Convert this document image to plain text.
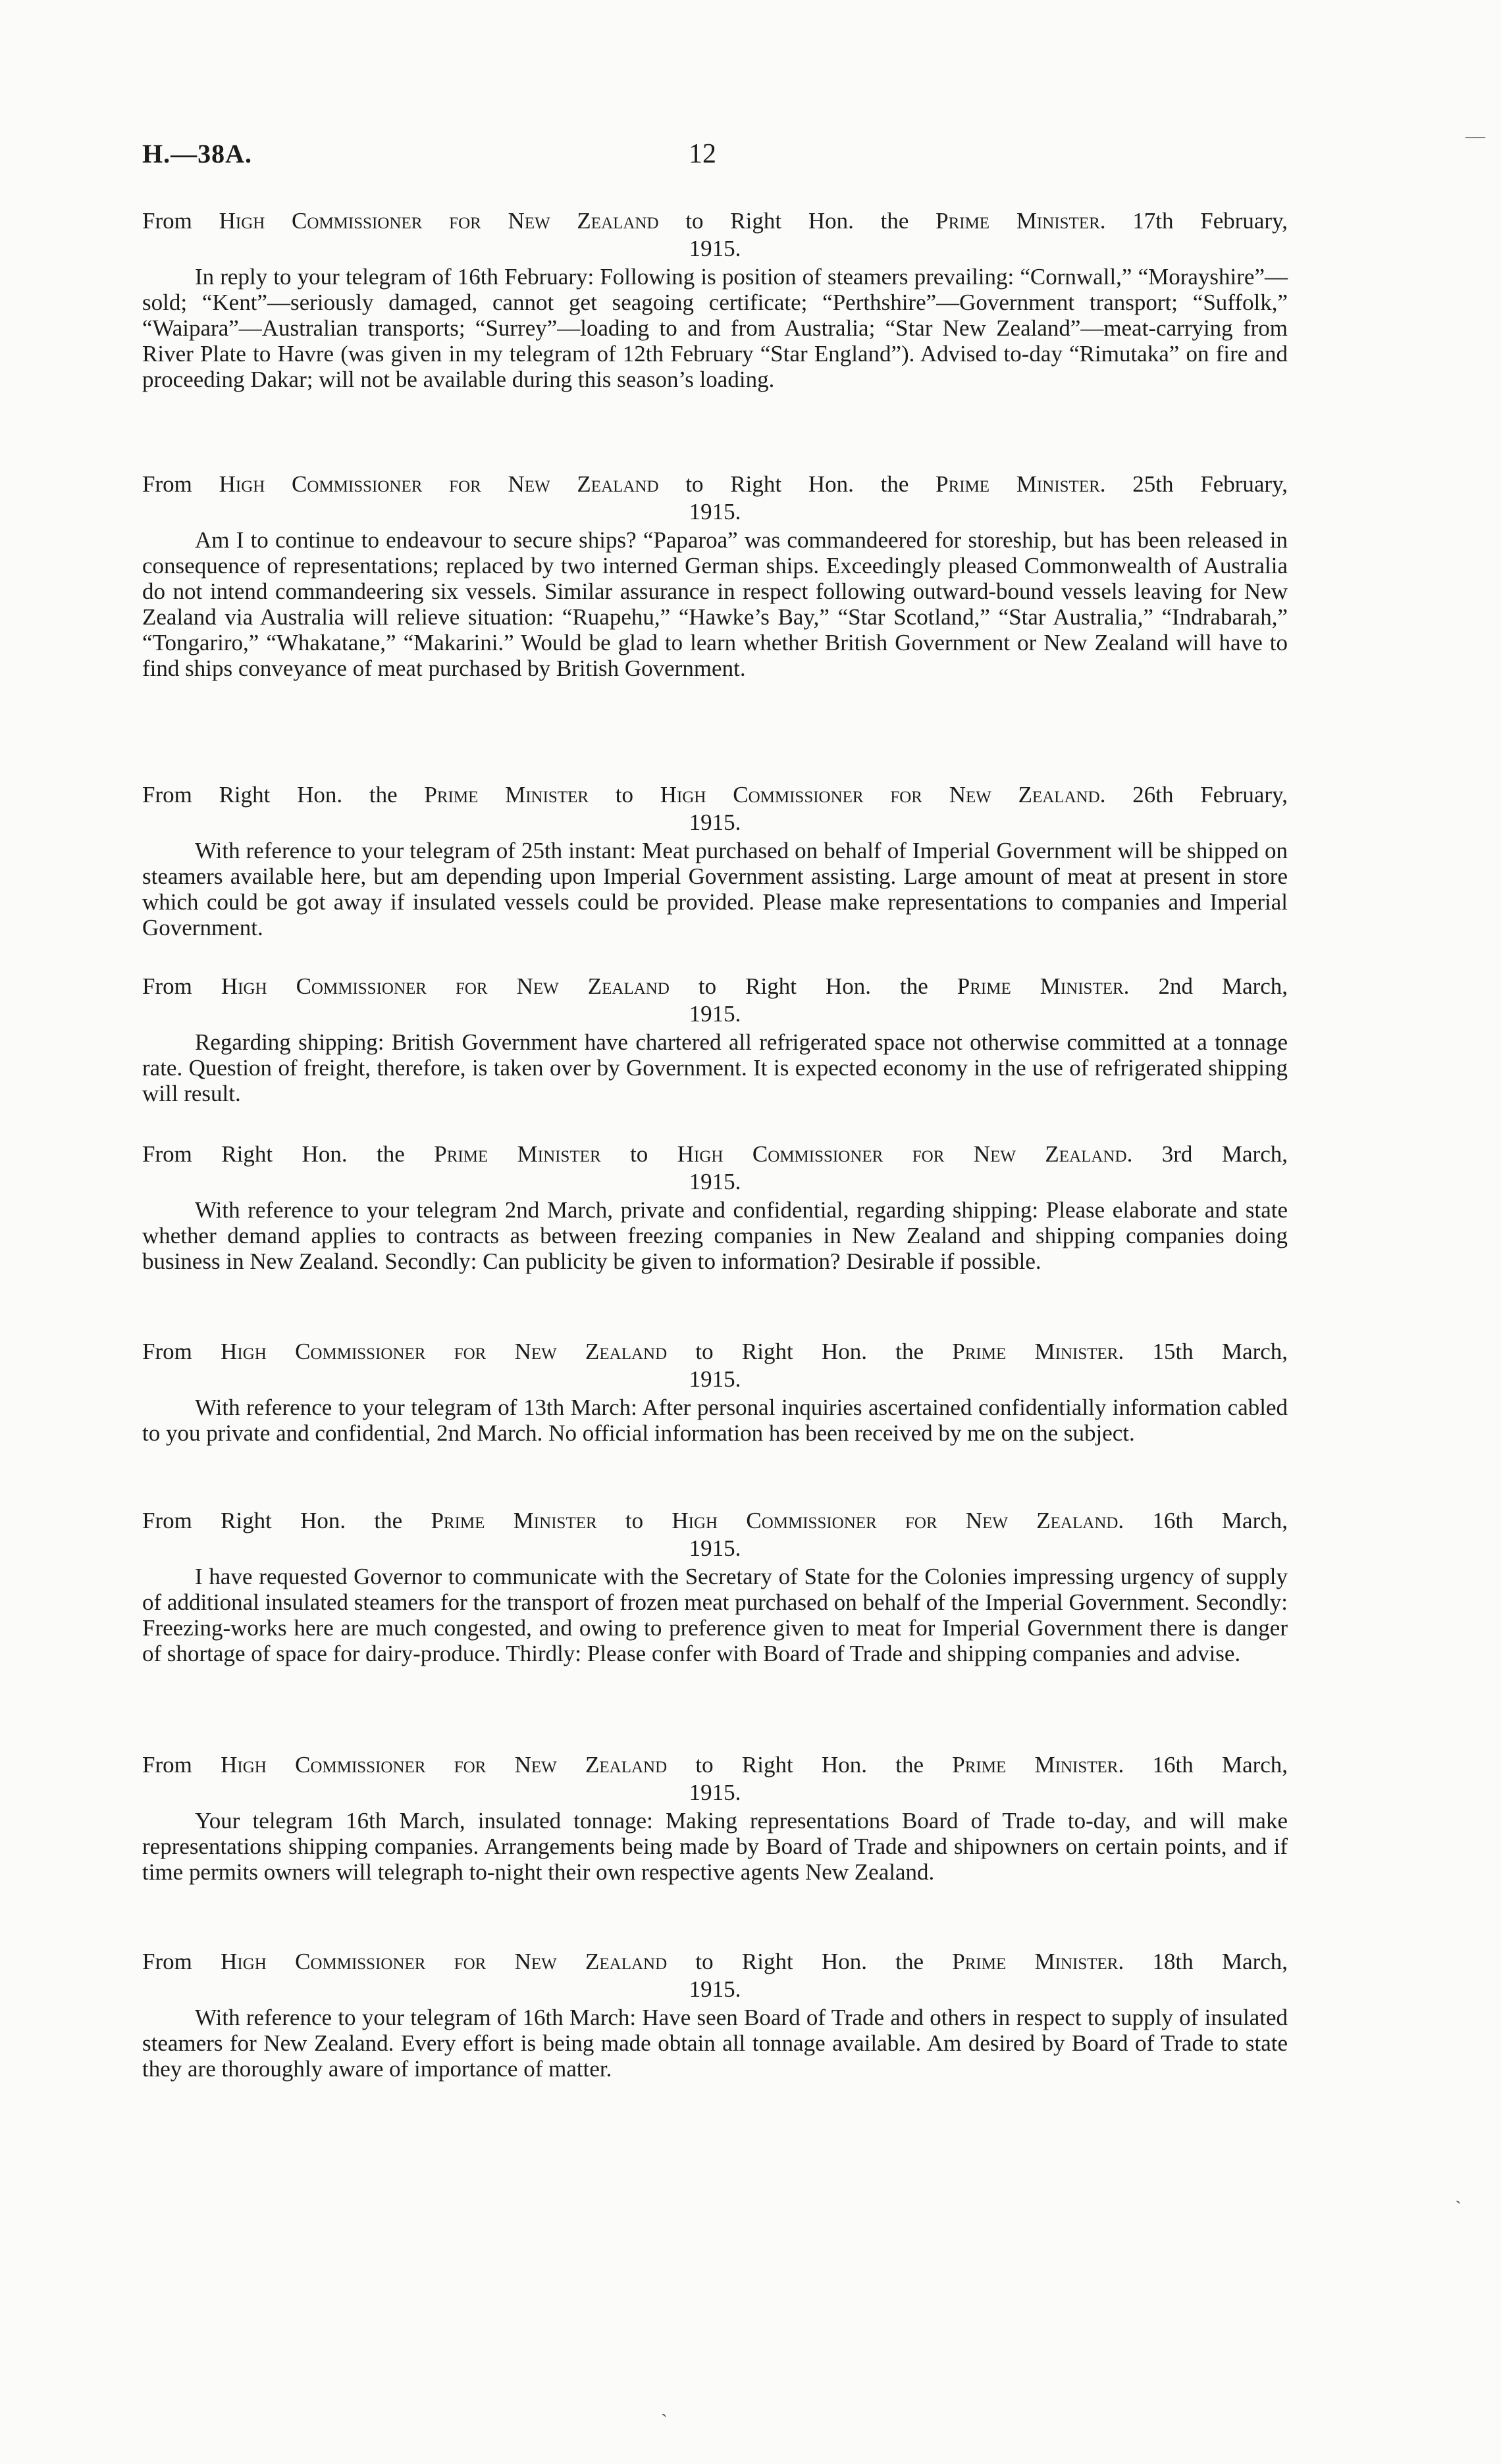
H.—38A.	12
From High Commissioner for New Zealand to Right Hon. the Prime Minister. 17th February,
1915.
In reply to your telegram of 16th February: Following is position of steamers prevailing: “Cornwall,” “Morayshire”—sold; “Kent”—seriously damaged, cannot get seagoing certificate; “Perthshire”—Government transport; “Suffolk,” “Waipara”—Australian transports; “Surrey”—loading to and from Australia; “Star New Zealand”—meat-carrying from River Plate to Havre (was given in my telegram of 12th February “Star England”). Advised to-day “Rimutaka” on fire and proceeding Dakar; will not be available during this season’s loading.
From High Commissioner for New Zealand to Right Hon. the Prime Minister. 25th February,
1915.
Am I to continue to endeavour to secure ships? “Paparoa” was commandeered for storeship, but has been released in consequence of representations; replaced by two interned German ships. Exceedingly pleased Commonwealth of Australia do not intend commandeering six vessels. Similar assurance in respect following outward-bound vessels leaving for New Zealand via Australia will relieve situation: “Ruapehu,” “Hawke’s Bay,” “Star Scotland,” “Star Australia,” “Indrabarah,” “Tongariro,” “Whakatane,” “Makarini.” Would be glad to learn whether British Government or New Zealand will have to find ships conveyance of meat purchased by British Government.
From Right Hon. the Prime Minister to High Commissioner for New Zealand. 26th February,
1915.
With reference to your telegram of 25th instant: Meat purchased on behalf of Imperial Government will be shipped on steamers available here, but am depending upon Imperial Government assisting. Large amount of meat at present in store which could be got away if insulated vessels could be provided. Please make representations to companies and Imperial Government.
From High Commissioner for New Zealand to Right Hon. the Prime Minister. 2nd March,
1915.
Regarding shipping: British Government have chartered all refrigerated space not otherwise committed at a tonnage rate. Question of freight, therefore, is taken over by Government. It is expected economy in the use of refrigerated shipping will result.
From Right Hon. the Prime Minister to High Commissioner for New Zealand. 3rd March,
1915.
With reference to your telegram 2nd March, private and confidential, regarding shipping: Please elaborate and state whether demand applies to contracts as between freezing companies in New Zealand and shipping companies doing business in New Zealand. Secondly: Can publicity be given to information? Desirable if possible.
From High Commissioner for New Zealand to Right Hon. the Prime Minister. 15th March,
1915.
With reference to your telegram of 13th March: After personal inquiries ascertained confidentially information cabled to you private and confidential, 2nd March. No official information has been received by me on the subject.
From Right Hon. the Prime Minister to High Commissioner for New Zealand. 16th March,
1915.
I have requested Governor to communicate with the Secretary of State for the Colonies impressing urgency of supply of additional insulated steamers for the transport of frozen meat purchased on behalf of the Imperial Government. Secondly: Freezing-works here are much congested, and owing to preference given to meat for Imperial Government there is danger of shortage of space for dairy-produce. Thirdly: Please confer with Board of Trade and shipping companies and advise.
From High Commissioner for New Zealand to Right Hon. the Prime Minister. 16th March,
1915.
Your telegram 16th March, insulated tonnage: Making representations Board of Trade to-day, and will make representations shipping companies. Arrangements being made by Board of Trade and shipowners on certain points, and if time permits owners will telegraph to-night their own respective agents New Zealand.
From High Commissioner for New Zealand to Right Hon. the Prime Minister. 18th March,
1915.
With reference to your telegram of 16th March: Have seen Board of Trade and others in respect to supply of insulated steamers for New Zealand. Every effort is being made obtain all tonnage available. Am desired by Board of Trade to state they are thoroughly aware of importance of matter.
—
ˎ
ˏ
